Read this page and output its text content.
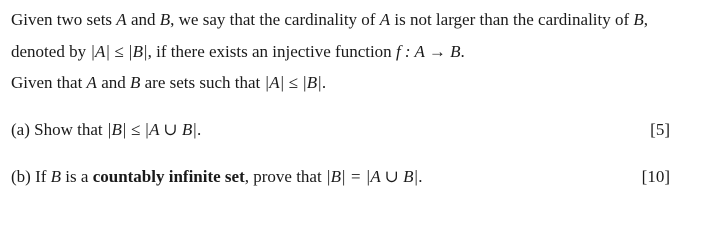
Given two sets A and B, we say that the cardinality of A is not larger than the cardinality of B,
denoted by |A| ≤ |B|, if there exists an injective function f : A → B.
Given that A and B are sets such that |A| ≤ |B|.
(a) Show that |B| ≤ |A ∪ B|.	[5]
(b) If B is a countably infinite set, prove that |B| = |A ∪ B|.	[10]
